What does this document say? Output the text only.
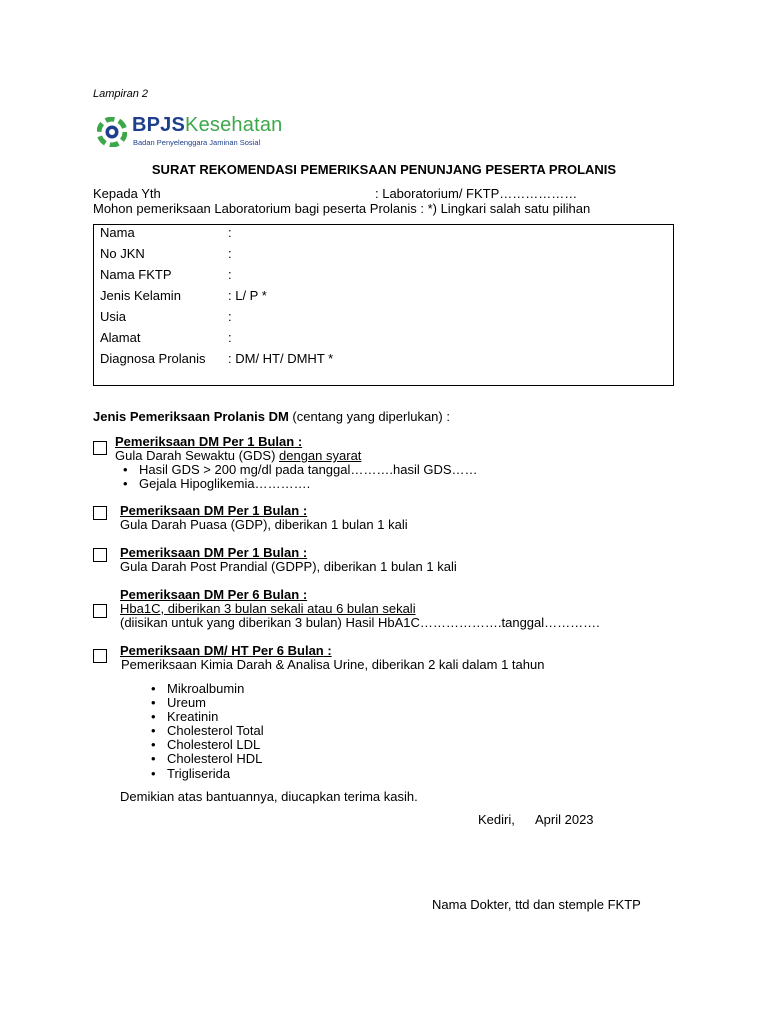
Lampiran 2
BPJSKesehatan
Badan Penyelenggara Jaminan Sosial
SURAT REKOMENDASI PEMERIKSAAN PENUNJANG PESERTA PROLANIS
Kepada Yth	: Laboratorium/ FKTP………………
Mohon pemeriksaan Laboratorium bagi peserta Prolanis : *) Lingkari salah satu pilihan
Nama	:
No JKN	:
Nama FKTP	:
Jenis Kelamin	: L/ P *
Usia	:
Alamat	:
Diagnosa Prolanis : DM/ HT/ DMHT *
Jenis Pemeriksaan Prolanis DM (centang yang diperlukan) :
Pemeriksaan DM Per 1 Bulan :
Gula Darah Sewaktu (GDS) dengan syarat
• Hasil GDS > 200 mg/dl pada tanggal……….hasil GDS……
• Gejala Hipoglikemia………….
Pemeriksaan DM Per 1 Bulan :
Gula Darah Puasa (GDP), diberikan 1 bulan 1 kali
Pemeriksaan DM Per 1 Bulan :
Gula Darah Post Prandial (GDPP), diberikan 1 bulan 1 kali
Pemeriksaan DM Per 6 Bulan :
Hba1C, diberikan 3 bulan sekali atau 6 bulan sekali
(diisikan untuk yang diberikan 3 bulan) Hasil HbA1C……………….tanggal………….
Pemeriksaan DM/ HT Per 6 Bulan :
Pemeriksaan Kimia Darah & Analisa Urine, diberikan 2 kali dalam 1 tahun
• Mikroalbumin
• Ureum
• Kreatinin
• Cholesterol Total
• Cholesterol LDL
• Cholesterol HDL
• Trigliserida
Demikian atas bantuannya, diucapkan terima kasih.
Kediri, April 2023
Nama Dokter, ttd dan stemple FKTP
